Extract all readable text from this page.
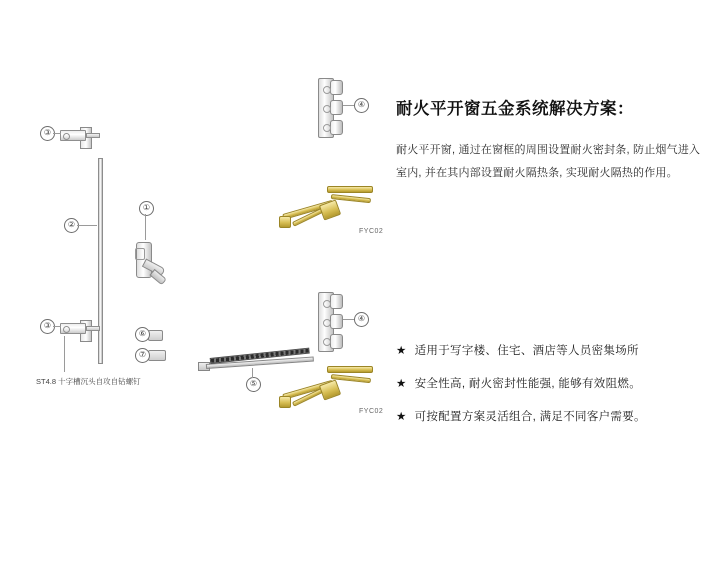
④
④
FYC02
FYC02
②
③
③
ST4.8 十字槽沉头自攻自钻螺钉
①
⑥
⑦
⑤
耐火平开窗五金系统解决方案：

耐火平开窗, 通过在窗框的周围设置耐火密封条, 防止烟气进入室内, 并在其内部设置耐火隔热条, 实现耐火隔热的作用。

★ 适用于写字楼、住宅、酒店等人员密集场所
★ 安全性高, 耐火密封性能强, 能够有效阻燃。
★ 可按配置方案灵活组合, 满足不同客户需要。
